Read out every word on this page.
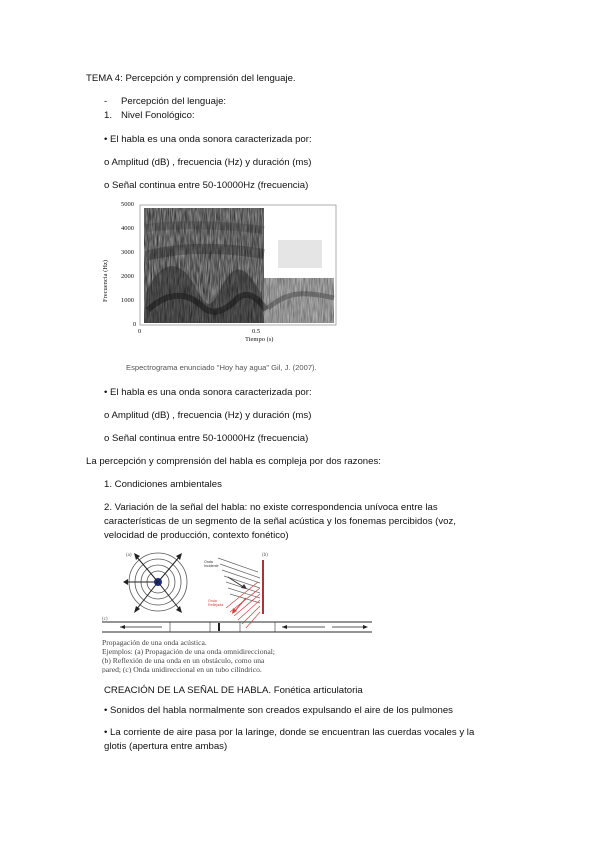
TEMA 4: Percepción y comprensión del lenguaje.
- Percepción del lenguaje:
1. Nivel Fonológico:
• El habla es una onda sonora caracterizada por:
o Amplitud (dB) , frecuencia (Hz) y duración (ms)
o Señal continua entre 50-10000Hz (frecuencia)
Frecuencia (Hz)
5000
4000
3000
2000
1000
0
0	0.5
Tiempo (s)
Espectrograma enunciado "Hoy hay agua" Gil, J. (2007).
• El habla es una onda sonora caracterizada por:
o Amplitud (dB) , frecuencia (Hz) y duración (ms)
o Señal continua entre 50-10000Hz (frecuencia)
La percepción y comprensión del habla es compleja por dos razones:
1. Condiciones ambientales
2. Variación de la señal del habla: no existe correspondencia unívoca entre las características de un segmento de la señal acústica y los fonemas percibidos (voz, velocidad de producción, contexto fonético)
(a)	(b)
Onda
Incidente
Onda
Reflejada
(c)
Propagación de una onda acústica.
Ejemplos: (a) Propagación de una onda omnidireccional;
(b) Reflexión de una onda en un obstáculo, como una
pared; (c) Onda unidireccional en un tubo cilíndrico.
CREACIÓN DE LA SEÑAL DE HABLA. Fonética articulatoria
• Sonidos del habla normalmente son creados expulsando el aire de los pulmones
• La corriente de aire pasa por la laringe, donde se encuentran las cuerdas vocales y la glotis (apertura entre ambas)
